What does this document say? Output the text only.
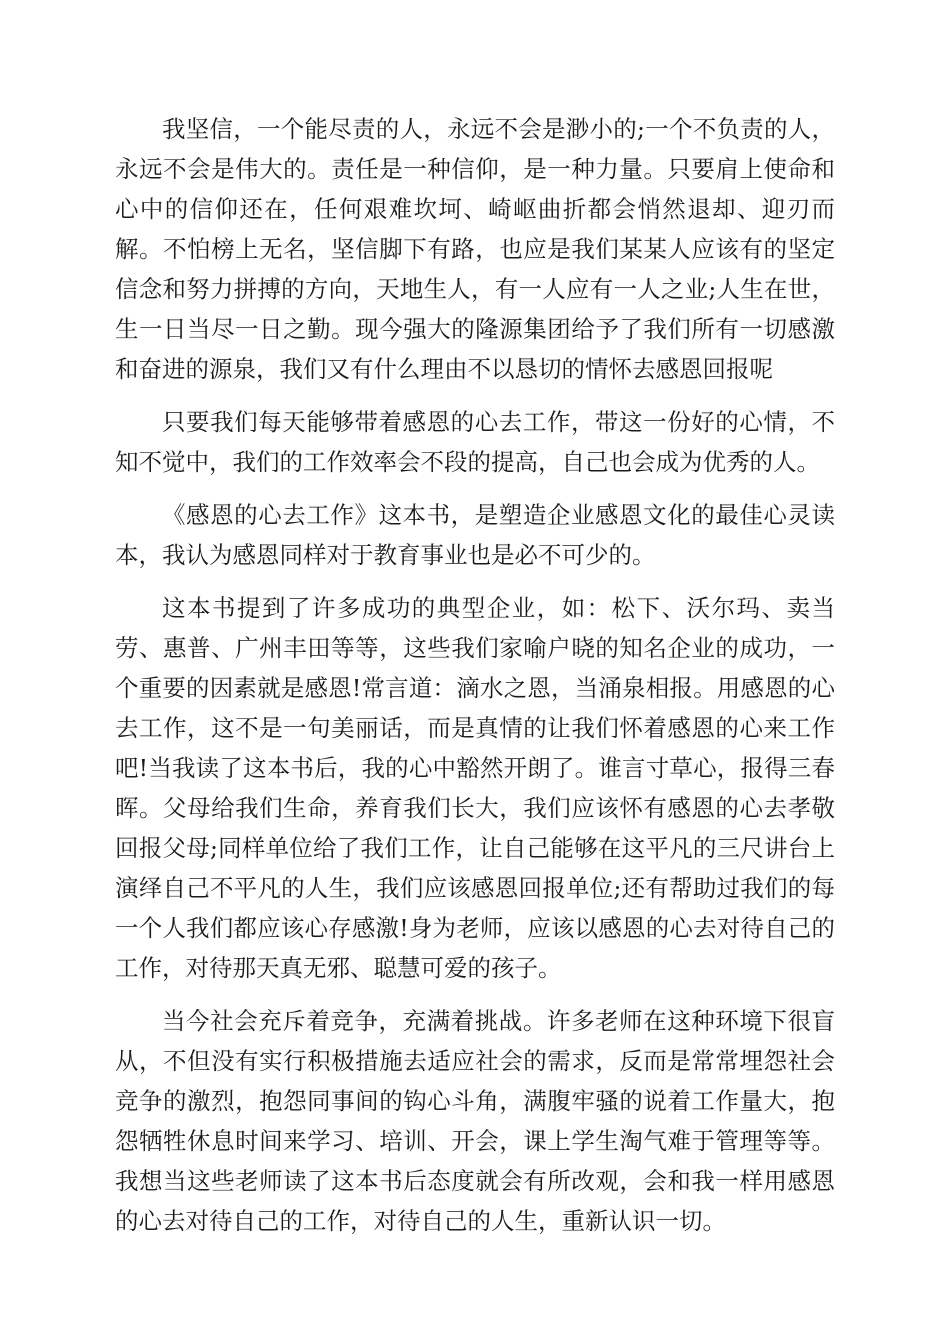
我坚信，一个能尽责的人，永远不会是渺小的;一个不负责的人，永远不会是伟大的。责任是一种信仰，是一种力量。只要肩上使命和心中的信仰还在，任何艰难坎坷、崎岖曲折都会悄然退却、迎刃而解。不怕榜上无名，坚信脚下有路，也应是我们某某人应该有的坚定信念和努力拼搏的方向，天地生人，有一人应有一人之业;人生在世，生一日当尽一日之勤。现今强大的隆源集团给予了我们所有一切感激和奋进的源泉，我们又有什么理由不以恳切的情怀去感恩回报呢

只要我们每天能够带着感恩的心去工作，带这一份好的心情，不知不觉中，我们的工作效率会不段的提高，自己也会成为优秀的人。

《感恩的心去工作》这本书，是塑造企业感恩文化的最佳心灵读本，我认为感恩同样对于教育事业也是必不可少的。

这本书提到了许多成功的典型企业，如：松下、沃尔玛、卖当劳、惠普、广州丰田等等，这些我们家喻户晓的知名企业的成功，一个重要的因素就是感恩!常言道：滴水之恩，当涌泉相报。用感恩的心去工作，这不是一句美丽话，而是真情的让我们怀着感恩的心来工作吧!当我读了这本书后，我的心中豁然开朗了。谁言寸草心，报得三春晖。父母给我们生命，养育我们长大，我们应该怀有感恩的心去孝敬回报父母;同样单位给了我们工作，让自己能够在这平凡的三尺讲台上演绎自己不平凡的人生，我们应该感恩回报单位;还有帮助过我们的每一个人我们都应该心存感激!身为老师，应该以感恩的心去对待自己的工作，对待那天真无邪、聪慧可爱的孩子。

当今社会充斥着竞争，充满着挑战。许多老师在这种环境下很盲从，不但没有实行积极措施去适应社会的需求，反而是常常埋怨社会竞争的激烈，抱怨同事间的钩心斗角，满腹牢骚的说着工作量大，抱怨牺牲休息时间来学习、培训、开会，课上学生淘气难于管理等等。我想当这些老师读了这本书后态度就会有所改观，会和我一样用感恩的心去对待自己的工作，对待自己的人生，重新认识一切。
